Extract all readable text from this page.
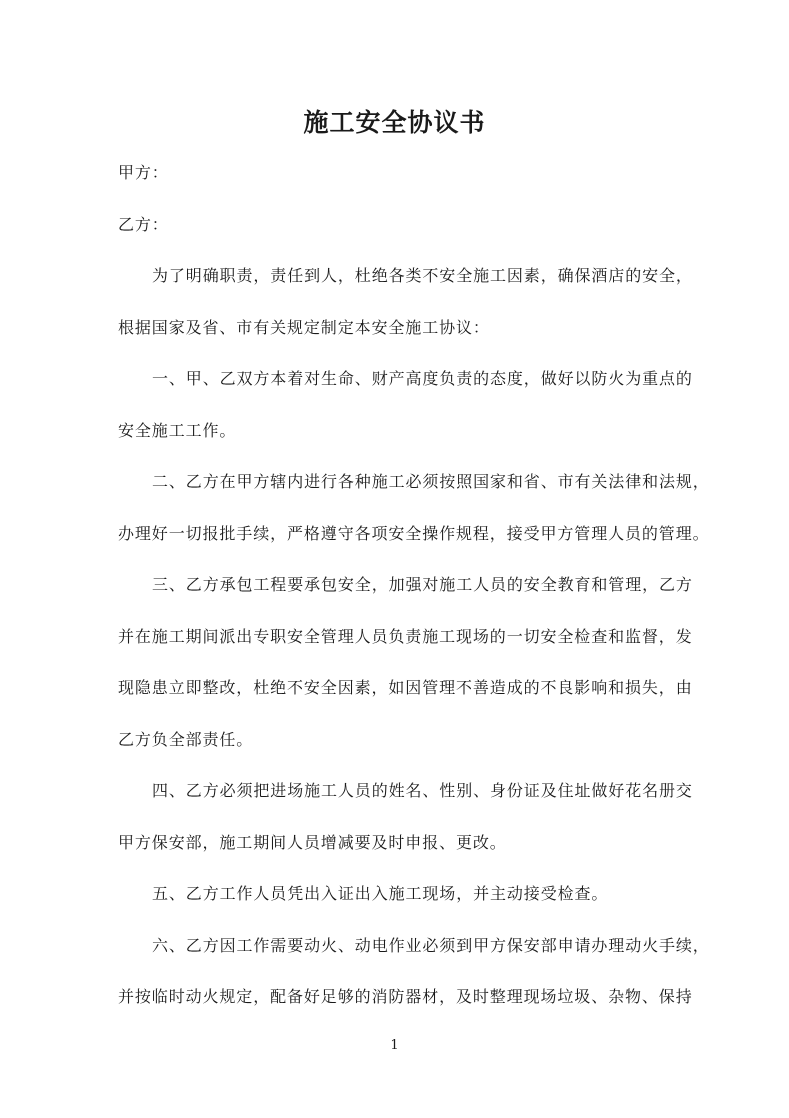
施工安全协议书
甲方：
乙方：
为了明确职责，责任到人，杜绝各类不安全施工因素，确保酒店的安全，
根据国家及省、市有关规定制定本安全施工协议：
一、甲、乙双方本着对生命、财产高度负责的态度，做好以防火为重点的
安全施工工作。
二、乙方在甲方辖内进行各种施工必须按照国家和省、市有关法律和法规，
办理好一切报批手续，严格遵守各项安全操作规程，接受甲方管理人员的管理。
三、乙方承包工程要承包安全，加强对施工人员的安全教育和管理，乙方
并在施工期间派出专职安全管理人员负责施工现场的一切安全检查和监督，发
现隐患立即整改，杜绝不安全因素，如因管理不善造成的不良影响和损失，由
乙方负全部责任。
四、乙方必须把进场施工人员的姓名、性别、身份证及住址做好花名册交
甲方保安部，施工期间人员增减要及时申报、更改。
五、乙方工作人员凭出入证出入施工现场，并主动接受检查。
六、乙方因工作需要动火、动电作业必须到甲方保安部申请办理动火手续，
并按临时动火规定，配备好足够的消防器材，及时整理现场垃圾、杂物、保持
1
